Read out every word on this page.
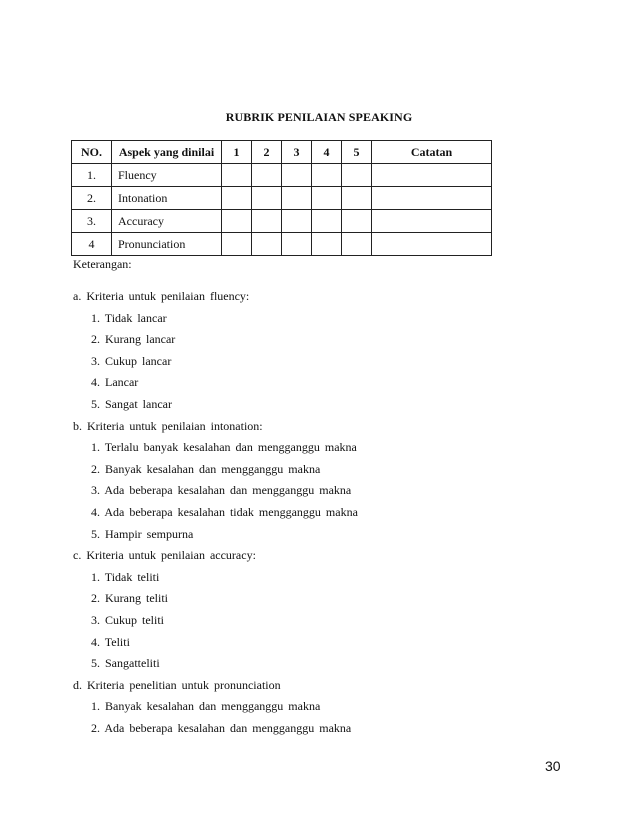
RUBRIK PENILAIAN SPEAKING
NO.	Aspek yang dinilai	1	2	3	4	5	Catatan
1.	Fluency						
2.	Intonation						
3.	Accuracy						
4	Pronunciation						
Keterangan:
a. Kriteria untuk penilaian fluency:
1. Tidak lancar
2. Kurang lancar
3. Cukup lancar
4. Lancar
5. Sangat lancar
b. Kriteria untuk penilaian intonation:
1. Terlalu banyak kesalahan dan mengganggu makna
2. Banyak kesalahan dan mengganggu makna
3. Ada beberapa kesalahan dan mengganggu makna
4. Ada beberapa kesalahan tidak mengganggu makna
5. Hampir sempurna
c. Kriteria untuk penilaian accuracy:
1. Tidak teliti
2. Kurang teliti
3. Cukup teliti
4. Teliti
5. Sangatteliti
d. Kriteria penelitian untuk pronunciation
1. Banyak kesalahan dan mengganggu makna
2. Ada beberapa kesalahan dan mengganggu makna
30
